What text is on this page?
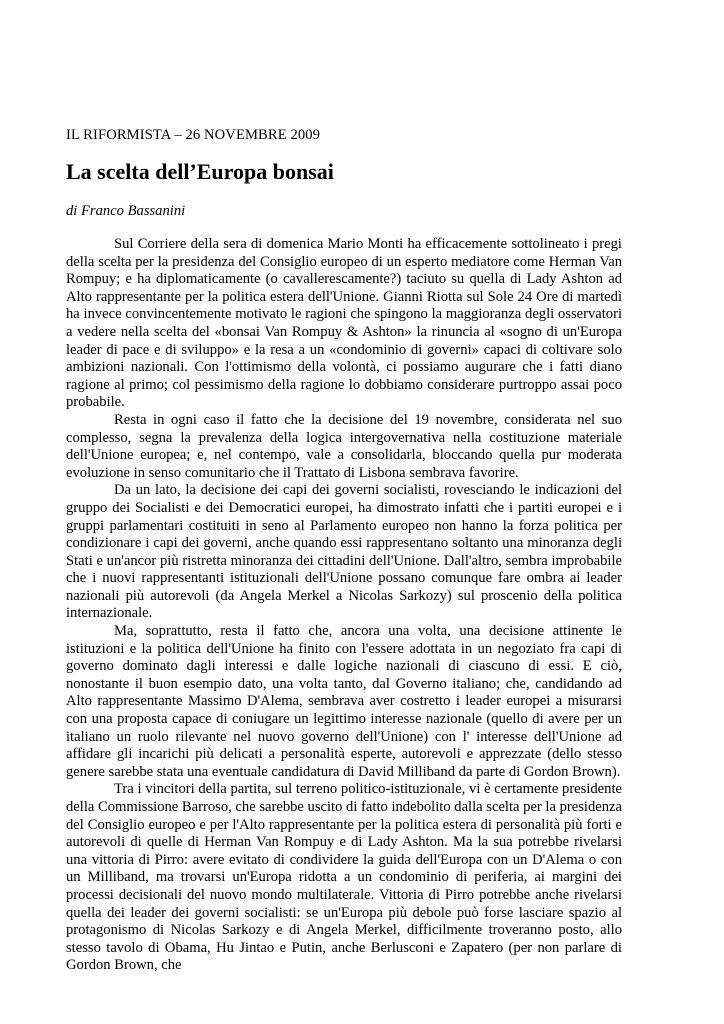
IL RIFORMISTA – 26 NOVEMBRE 2009
La scelta dell’Europa bonsai
di Franco Bassanini

Sul Corriere della sera di domenica Mario Monti ha efficacemente sottolineato i pregi della scelta per la presidenza del Consiglio europeo di un esperto mediatore come Herman Van Rompuy; e ha diplomaticamente (o cavallerescamente?) taciuto su quella di Lady Ashton ad Alto rappresentante per la politica estera dell'Unione. Gianni Riotta sul Sole 24 Ore di martedì ha invece convincentemente motivato le ragioni che spingono la maggioranza degli osservatori a vedere nella scelta del «bonsai Van Rompuy & Ashton» la rinuncia al «sogno di un'Europa leader di pace e di sviluppo» e la resa a un «condominio di governi» capaci di coltivare solo ambizioni nazionali. Con l'ottimismo della volontà, ci possiamo augurare che i fatti diano ragione al primo; col pessimismo della ragione lo dobbiamo considerare purtroppo assai poco probabile.

Resta in ogni caso il fatto che la decisione del 19 novembre, considerata nel suo complesso, segna la prevalenza della logica intergovernativa nella costituzione materiale dell'Unione europea; e, nel contempo, vale a consolidarla, bloccando quella pur moderata evoluzione in senso comunitario che il Trattato di Lisbona sembrava favorire.

Da un lato, la decisione dei capi dei governi socialisti, rovesciando le indicazioni del gruppo dei Socialisti e dei Democratici europei, ha dimostrato infatti che i partiti europei e i gruppi parlamentari costituiti in seno al Parlamento europeo non hanno la forza politica per condizionare i capi dei governi, anche quando essi rappresentano soltanto una minoranza degli Stati e un'ancor più ristretta minoranza dei cittadini dell'Unione. Dall'altro, sembra improbabile che i nuovi rappresentanti istituzionali dell'Unione possano comunque fare ombra ai leader nazionali più autorevoli (da Angela Merkel a Nicolas Sarkozy) sul proscenio della politica internazionale.

Ma, soprattutto, resta il fatto che, ancora una volta, una decisione attinente le istituzioni e la politica dell'Unione ha finito con l'essere adottata in un negoziato fra capi di governo dominato dagli interessi e dalle logiche nazionali di ciascuno di essi. E ciò, nonostante il buon esempio dato, una volta tanto, dal Governo italiano; che, candidando ad Alto rappresentante Massimo D'Alema, sembrava aver costretto i leader europei a misurarsi con una proposta capace di coniugare un legittimo interesse nazionale (quello di avere per un italiano un ruolo rilevante nel nuovo governo dell'Unione) con l' interesse dell'Unione ad affidare gli incarichi più delicati a personalità esperte, autorevoli e apprezzate (dello stesso genere sarebbe stata una eventuale candidatura di David Milliband da parte di Gordon Brown).

Tra i vincitori della partita, sul terreno politico-istituzionale, vi è certamente presidente della Commissione Barroso, che sarebbe uscito di fatto indebolito dalla scelta per la presidenza del Consiglio europeo e per l'Alto rappresentante per la politica estera di personalità più forti e autorevoli di quelle di Herman Van Rompuy e di Lady Ashton. Ma la sua potrebbe rivelarsi una vittoria di Pirro: avere evitato di condividere la guida dell'Europa con un D'Alema o con un Milliband, ma trovarsi un'Europa ridotta a un condominio di periferia, ai margini dei processi decisionali del nuovo mondo multilaterale. Vittoria di Pirro potrebbe anche rivelarsi quella dei leader dei governi socialisti: se un'Europa più debole può forse lasciare spazio al protagonismo di Nicolas Sarkozy e di Angela Merkel, difficilmente troveranno posto, allo stesso tavolo di Obama, Hu Jintao e Putin, anche Berlusconi e Zapatero (per non parlare di Gordon Brown, che
